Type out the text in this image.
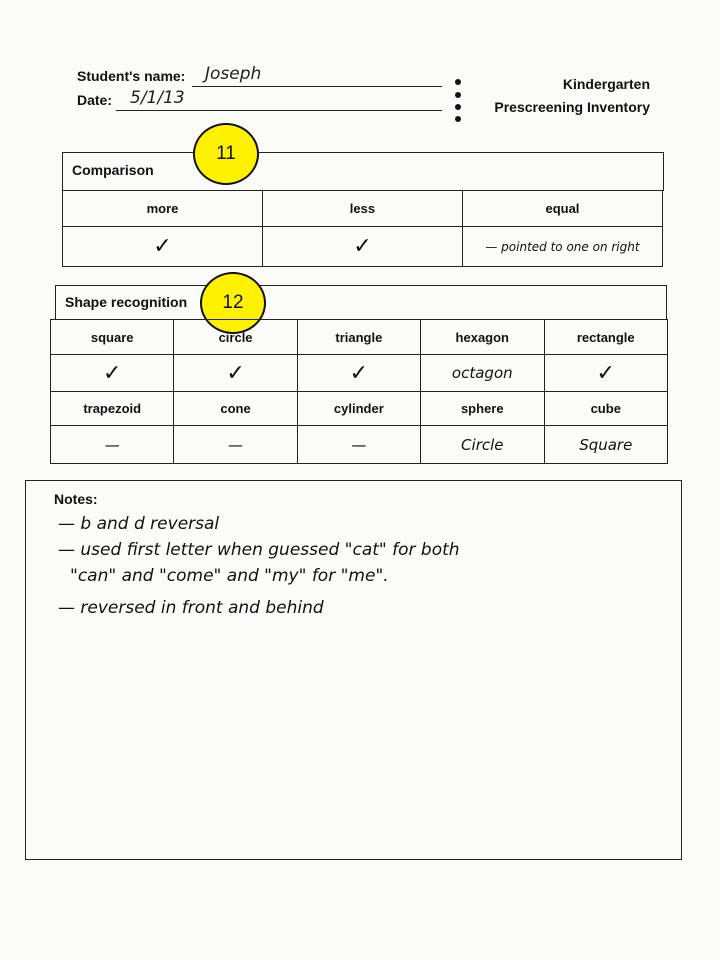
Student's name: Joseph
Date: 5/1/13
Kindergarten
Prescreening Inventory
Comparison
11
more	less	equal
✓	✓	— pointed to one on right
Shape recognition	12
square	circle	triangle	hexagon	rectangle
✓	✓	✓	octagon	✓
trapezoid	cone	cylinder	sphere	cube
—	—	—	Circle	Square
Notes:

— b and d reversal

— used first letter when guessed "cat" for both

"can" and "come" and "my" for "me".

— reversed in front and behind
